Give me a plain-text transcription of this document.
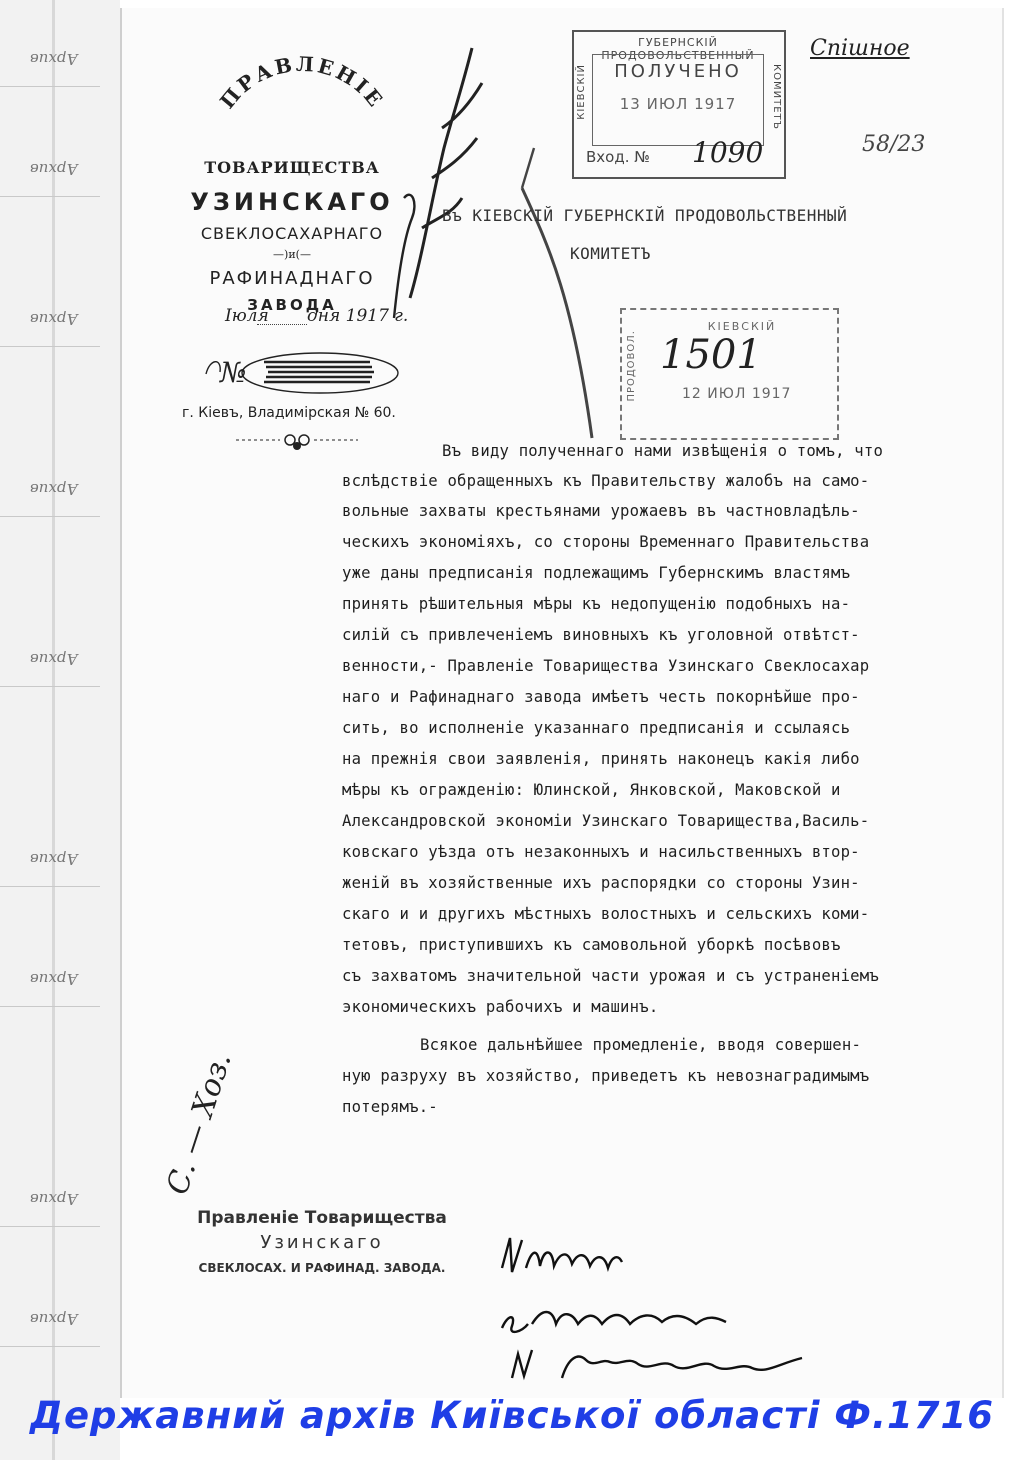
Архив
Архив
Архив
Архив
Архив
Архив
Архив
Архив
Архив
ПРАВЛЕНІЕ
ТОВАРИЩЕСТВА
УЗИНСКАГО
СВЕКЛОСАХАРНАГО
—)и(—
РАФИНАДНАГО
ЗАВОДА
Іюля дня 1917 г.
№
г. Кіевъ, Владимірская № 60.
ГУБЕРНСКІЙ ПРОДОВОЛЬСТВЕННЫЙ
КІЕВСКІЙ	КОМИТЕТЪ
ПОЛУЧЕНО
13 ИЮЛ 1917
Вход. № 1090
КІЕВСКІЙ
ПРОДОВОЛ. 1501
12 ИЮЛ 1917
Спішное
58/23
Въ КІЕВСКІЙ ГУБЕРНСКІЙ ПРОДОВОЛЬСТВЕННЫЙ
КОМИТЕТЪ
Въ виду полученнаго нами извѣщенія о томъ, что
вслѣдствіе обращенныхъ къ Правительству жалобъ на само-
вольные захваты крестьянами урожаевъ въ частновладѣль-
ческихъ экономіяхъ, со стороны Временнаго Правительства
уже даны предписанія подлежащимъ Губернскимъ властямъ
принять рѣшительныя мѣры къ недопущенію подобныхъ на-
силій съ привлеченіемъ виновныхъ къ уголовной отвѣтст-
венности,- Правленіе Товарищества Узинскаго Свеклосахар
наго и Рафинаднаго завода имѣетъ честь покорнѣйше про-
сить, во исполненіе указаннаго предписанія и ссылаясь
на прежнія свои заявленія, принять наконецъ какія либо
мѣры къ огражденію: Юлинской, Янковской, Маковской и
Александровской экономіи Узинскаго Товарищества,Василь-
ковскаго уѣзда отъ незаконныхъ и насильственныхъ втор-
женій въ хозяйственные ихъ распорядки со стороны Узин-
скаго и и другихъ мѣстныхъ волостныхъ и сельскихъ коми-
тетовъ, приступившихъ къ самовольной уборкѣ посѣвовъ
съ захватомъ значительной части урожая и съ устраненіемъ
экономическихъ рабочихъ и машинъ.
Всякое дальнѣйшее промедленіе, вводя совершен-
ную разруху въ хозяйство, приведетъ къ невознаградимымъ
потерямъ.-
С. — Хоз.
Правленіе Товарищества
Узинскаго
СВЕКЛОСАХ. И РАФИНАД. ЗАВОДА.
Державний архів Київської області Ф.1716
